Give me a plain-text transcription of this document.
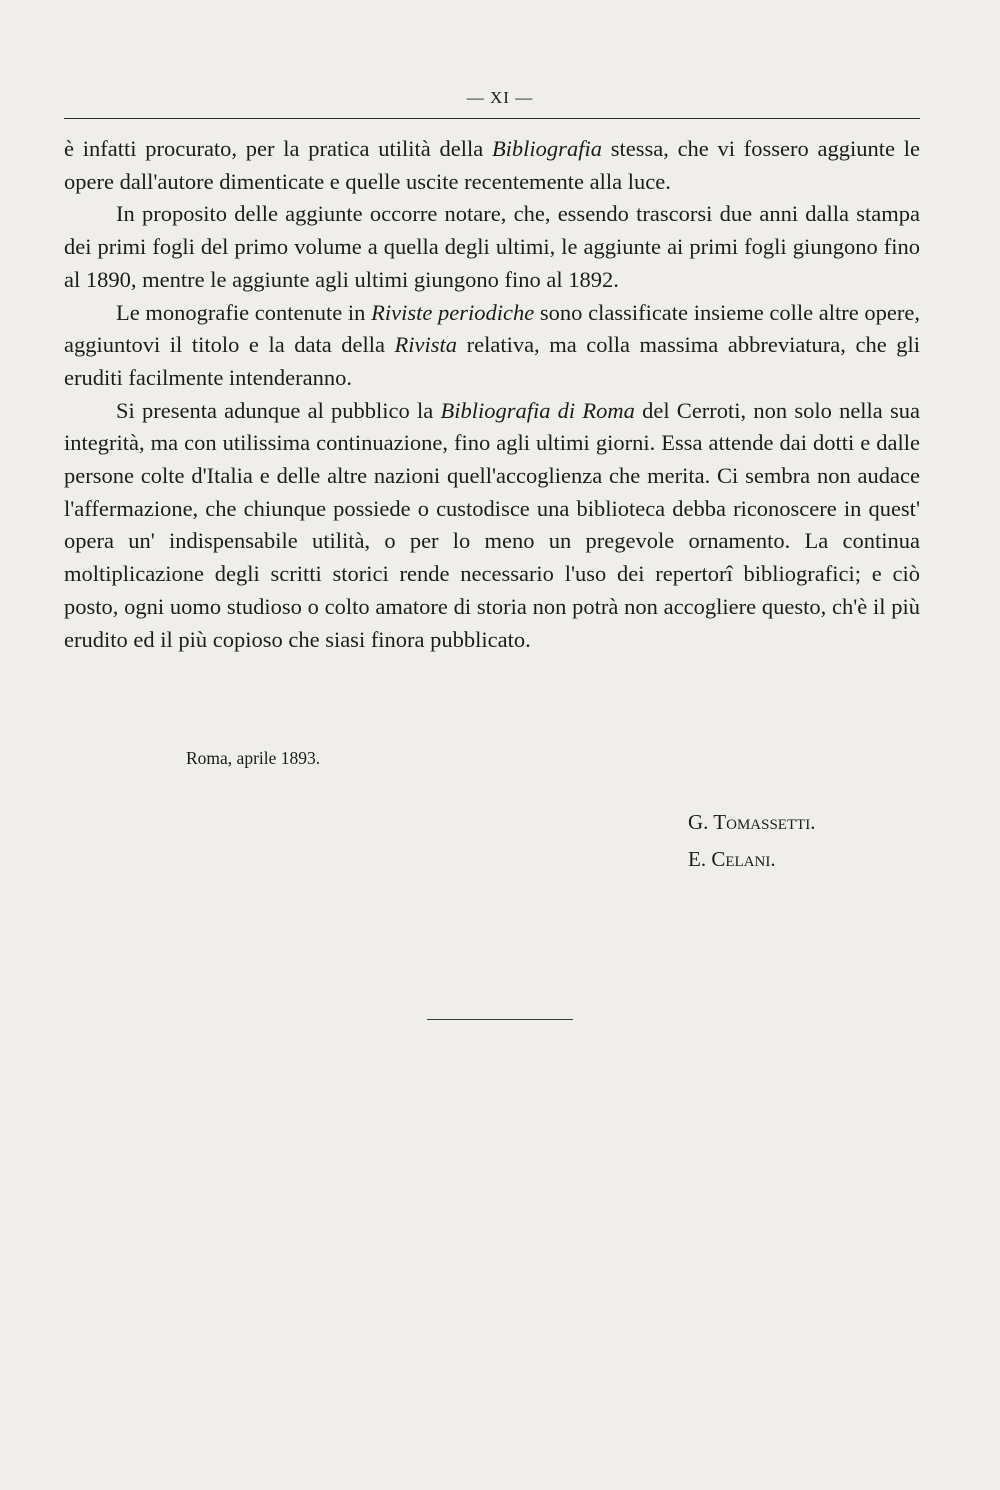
— XI —

è infatti procurato, per la pratica utilità della Bibliografia stessa, che vi fossero aggiunte le opere dall'autore dimenticate e quelle uscite recentemente alla luce.

In proposito delle aggiunte occorre notare, che, essendo trascorsi due anni dalla stampa dei primi fogli del primo volume a quella degli ultimi, le aggiunte ai primi fogli giungono fino al 1890, mentre le aggiunte agli ultimi giungono fino al 1892.

Le monografie contenute in Riviste periodiche sono classificate insieme colle altre opere, aggiuntovi il titolo e la data della Rivista relativa, ma colla massima abbreviatura, che gli eruditi facilmente intenderanno.

Si presenta adunque al pubblico la Bibliografia di Roma del Cerroti, non solo nella sua integrità, ma con utilissima continuazione, fino agli ultimi giorni. Essa attende dai dotti e dalle persone colte d'Italia e delle altre nazioni quell'accoglienza che merita. Ci sembra non audace l'affermazione, che chiunque possiede o custodisce una biblioteca debba riconoscere in quest' opera un' indispensabile utilità, o per lo meno un pregevole ornamento. La continua moltiplicazione degli scritti storici rende necessario l'uso dei repertorî bibliografici; e ciò posto, ogni uomo studioso o colto amatore di storia non potrà non accogliere questo, ch'è il più erudito ed il più copioso che siasi finora pubblicato.

Roma, aprile 1893.
G. Tomassetti.
E. Celani.
